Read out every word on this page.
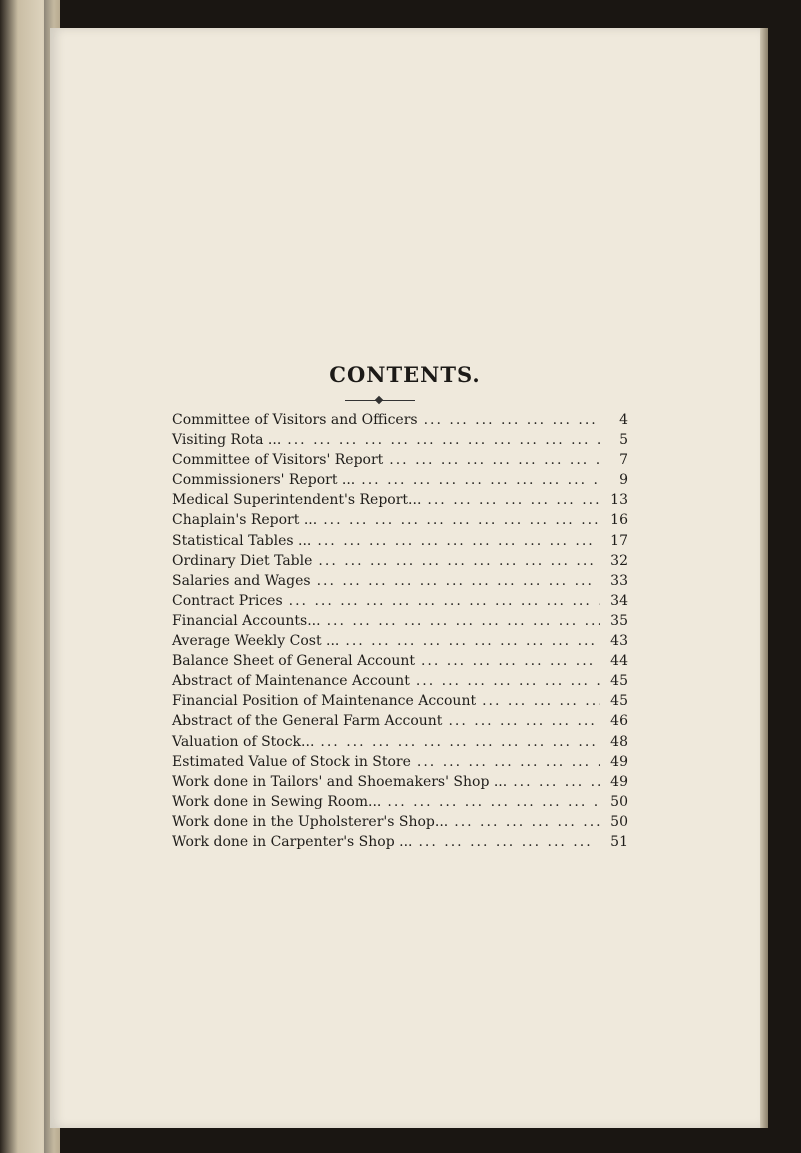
CONTENTS.
Committee of Visitors and Officers ... .	4
Visiting Rota ... ... .	5
Committee of Visitors' Report ... .	7
Commissioners' Report ... ... .	9
Medical Superintendent's Report... ... .	13
Chaplain's Report ... ... .	16
Statistical Tables ... ... .	17
Ordinary Diet Table ... .	32
Salaries and Wages ... .	33
Contract Prices ... .	34
Financial Accounts... ... .	35
Average Weekly Cost ... ... .	43
Balance Sheet of General Account ... .	44
Abstract of Maintenance Account ... .	45
Financial Position of Maintenance Account ... .	45
Abstract of the General Farm Account ... .	46
Valuation of Stock... ... .	48
Estimated Value of Stock in Store ... .	49
Work done in Tailors' and Shoemakers' Shop ... ... .	49
Work done in Sewing Room... ... .	50
Work done in the Upholsterer's Shop... ... .	50
Work done in Carpenter's Shop ... ... .	51
